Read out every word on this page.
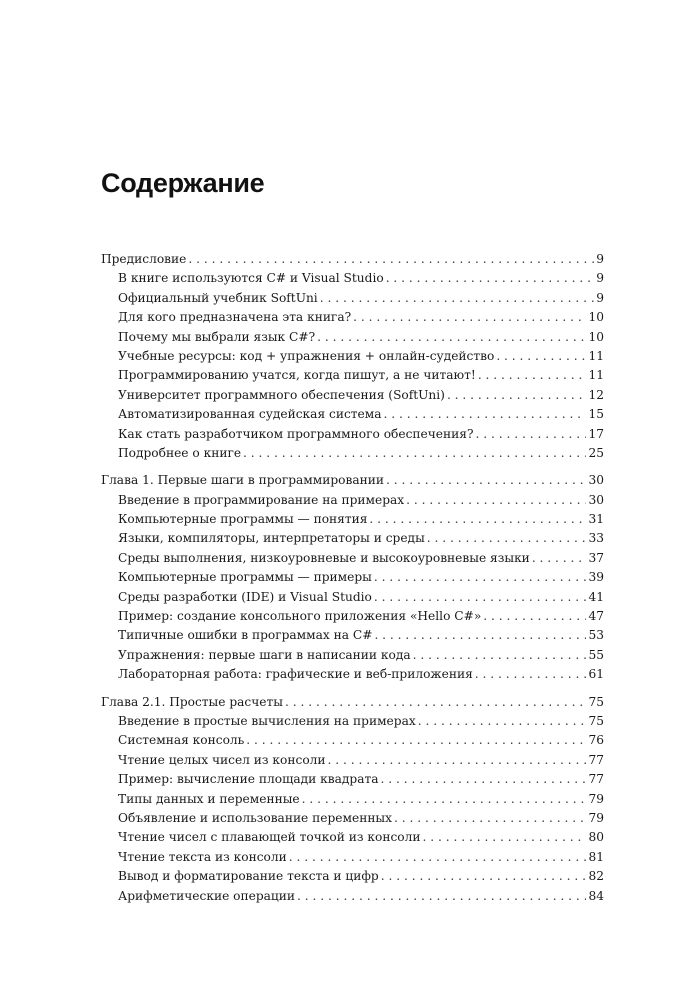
Содержание
Предисловие . . .	9
В книге используются C# и Visual Studio . . .	9
Официальный учебник SoftUni . . .	9
Для кого предназначена эта книга? . . .	10
Почему мы выбрали язык C#? . . .	10
Учебные ресурсы: код + упражнения + онлайн-судейство . . .	11
Программированию учатся, когда пишут, а не читают! . . .	11
Университет программного обеспечения (SoftUni) . . .	12
Автоматизированная судейская система . . .	15
Как стать разработчиком программного обеспечения? . . .	17
Подробнее о книге . . .	25
Глава 1. Первые шаги в программировании . . .	30
Введение в программирование на примерах . . .	30
Компьютерные программы — понятия . . .	31
Языки, компиляторы, интерпретаторы и среды . . .	33
Среды выполнения, низкоуровневые и высокоуровневые языки . . .	37
Компьютерные программы — примеры . . .	39
Среды разработки (IDE) и Visual Studio . . .	41
Пример: создание консольного приложения «Hello C#» . . .	47
Типичные ошибки в программах на C# . . .	53
Упражнения: первые шаги в написании кода . . .	55
Лабораторная работа: графические и веб-приложения . . .	61
Глава 2.1. Простые расчеты . . .	75
Введение в простые вычисления на примерах . . .	75
Системная консоль . . .	76
Чтение целых чисел из консоли . . .	77
Пример: вычисление площади квадрата . . .	77
Типы данных и переменные . . .	79
Объявление и использование переменных . . .	79
Чтение чисел с плавающей точкой из консоли . . .	80
Чтение текста из консоли . . .	81
Вывод и форматирование текста и цифр . . .	82
Арифметические операции . . .	84
